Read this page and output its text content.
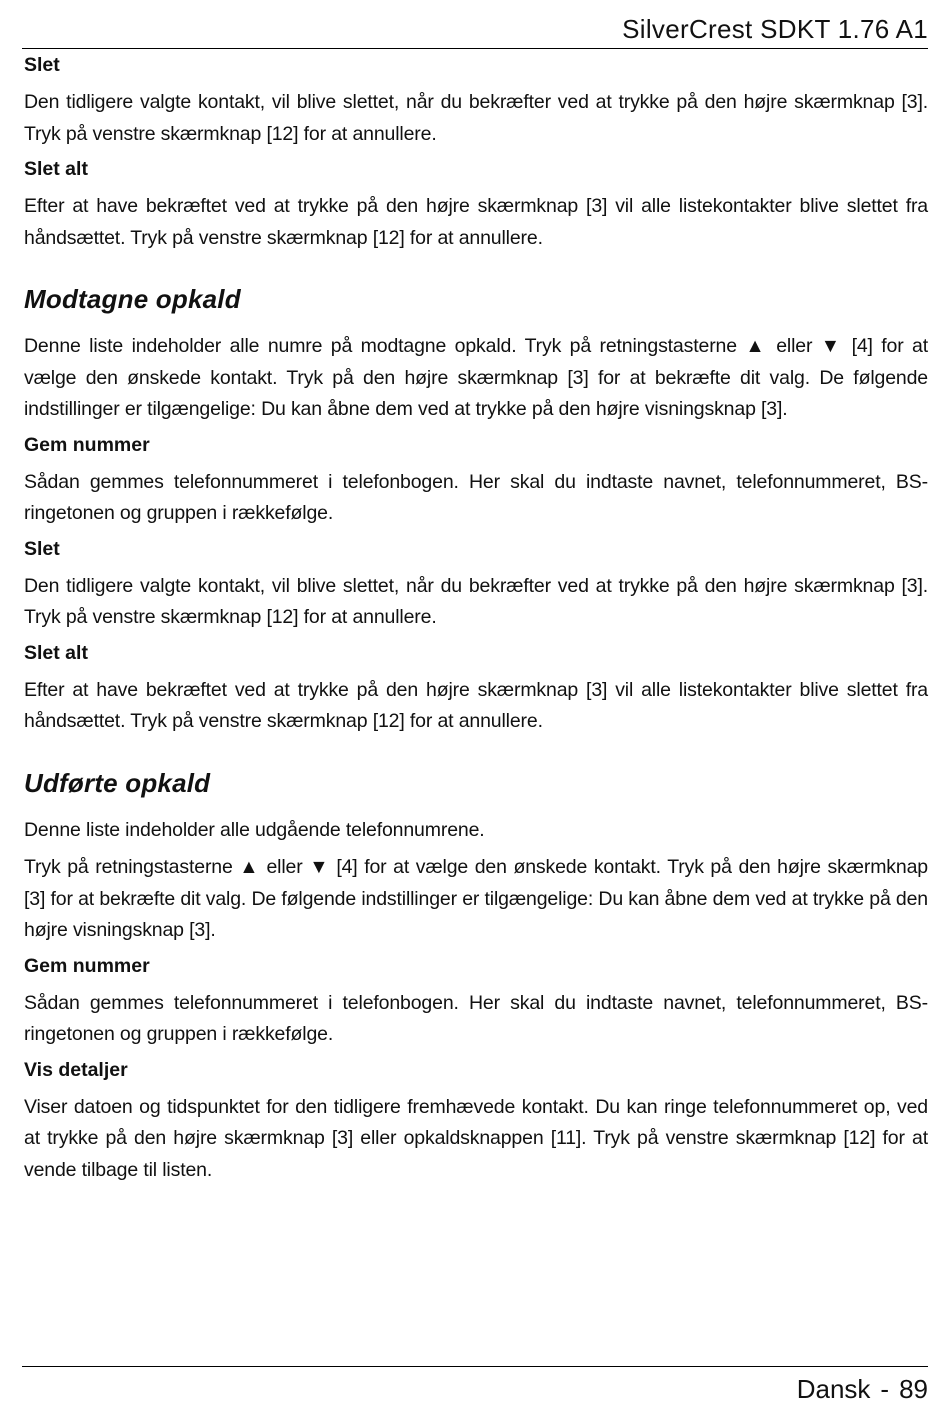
SilverCrest SDKT 1.76 A1

Slet

Den tidligere valgte kontakt, vil blive slettet, når du bekræfter ved at trykke på den højre skærmknap [3]. Tryk på venstre skærmknap [12] for at annullere.

Slet alt

Efter at have bekræftet ved at trykke på den højre skærmknap [3] vil alle listekontakter blive slettet fra håndsættet. Tryk på venstre skærmknap [12] for at annullere.

Modtagne opkald

Denne liste indeholder alle numre på modtagne opkald. Tryk på retningstasterne ▲ eller ▼ [4] for at vælge den ønskede kontakt. Tryk på den højre skærmknap [3] for at bekræfte dit valg. De følgende indstillinger er tilgængelige: Du kan åbne dem ved at trykke på den højre visningsknap [3].

Gem nummer

Sådan gemmes telefonnummeret i telefonbogen. Her skal du indtaste navnet, telefonnummeret, BS-ringetonen og gruppen i rækkefølge.

Slet

Den tidligere valgte kontakt, vil blive slettet, når du bekræfter ved at trykke på den højre skærmknap [3]. Tryk på venstre skærmknap [12] for at annullere.

Slet alt

Efter at have bekræftet ved at trykke på den højre skærmknap [3] vil alle listekontakter blive slettet fra håndsættet. Tryk på venstre skærmknap [12] for at annullere.

Udførte opkald

Denne liste indeholder alle udgående telefonnumrene.

Tryk på retningstasterne ▲ eller ▼ [4] for at vælge den ønskede kontakt. Tryk på den højre skærmknap [3] for at bekræfte dit valg. De følgende indstillinger er tilgængelige: Du kan åbne dem ved at trykke på den højre visningsknap [3].

Gem nummer

Sådan gemmes telefonnummeret i telefonbogen. Her skal du indtaste navnet, telefonnummeret, BS-ringetonen og gruppen i rækkefølge.

Vis detaljer

Viser datoen og tidspunktet for den tidligere fremhævede kontakt. Du kan ringe telefonnummeret op, ved at trykke på den højre skærmknap [3] eller opkaldsknappen [11]. Tryk på venstre skærmknap [12] for at vende tilbage til listen.

Dansk - 89
